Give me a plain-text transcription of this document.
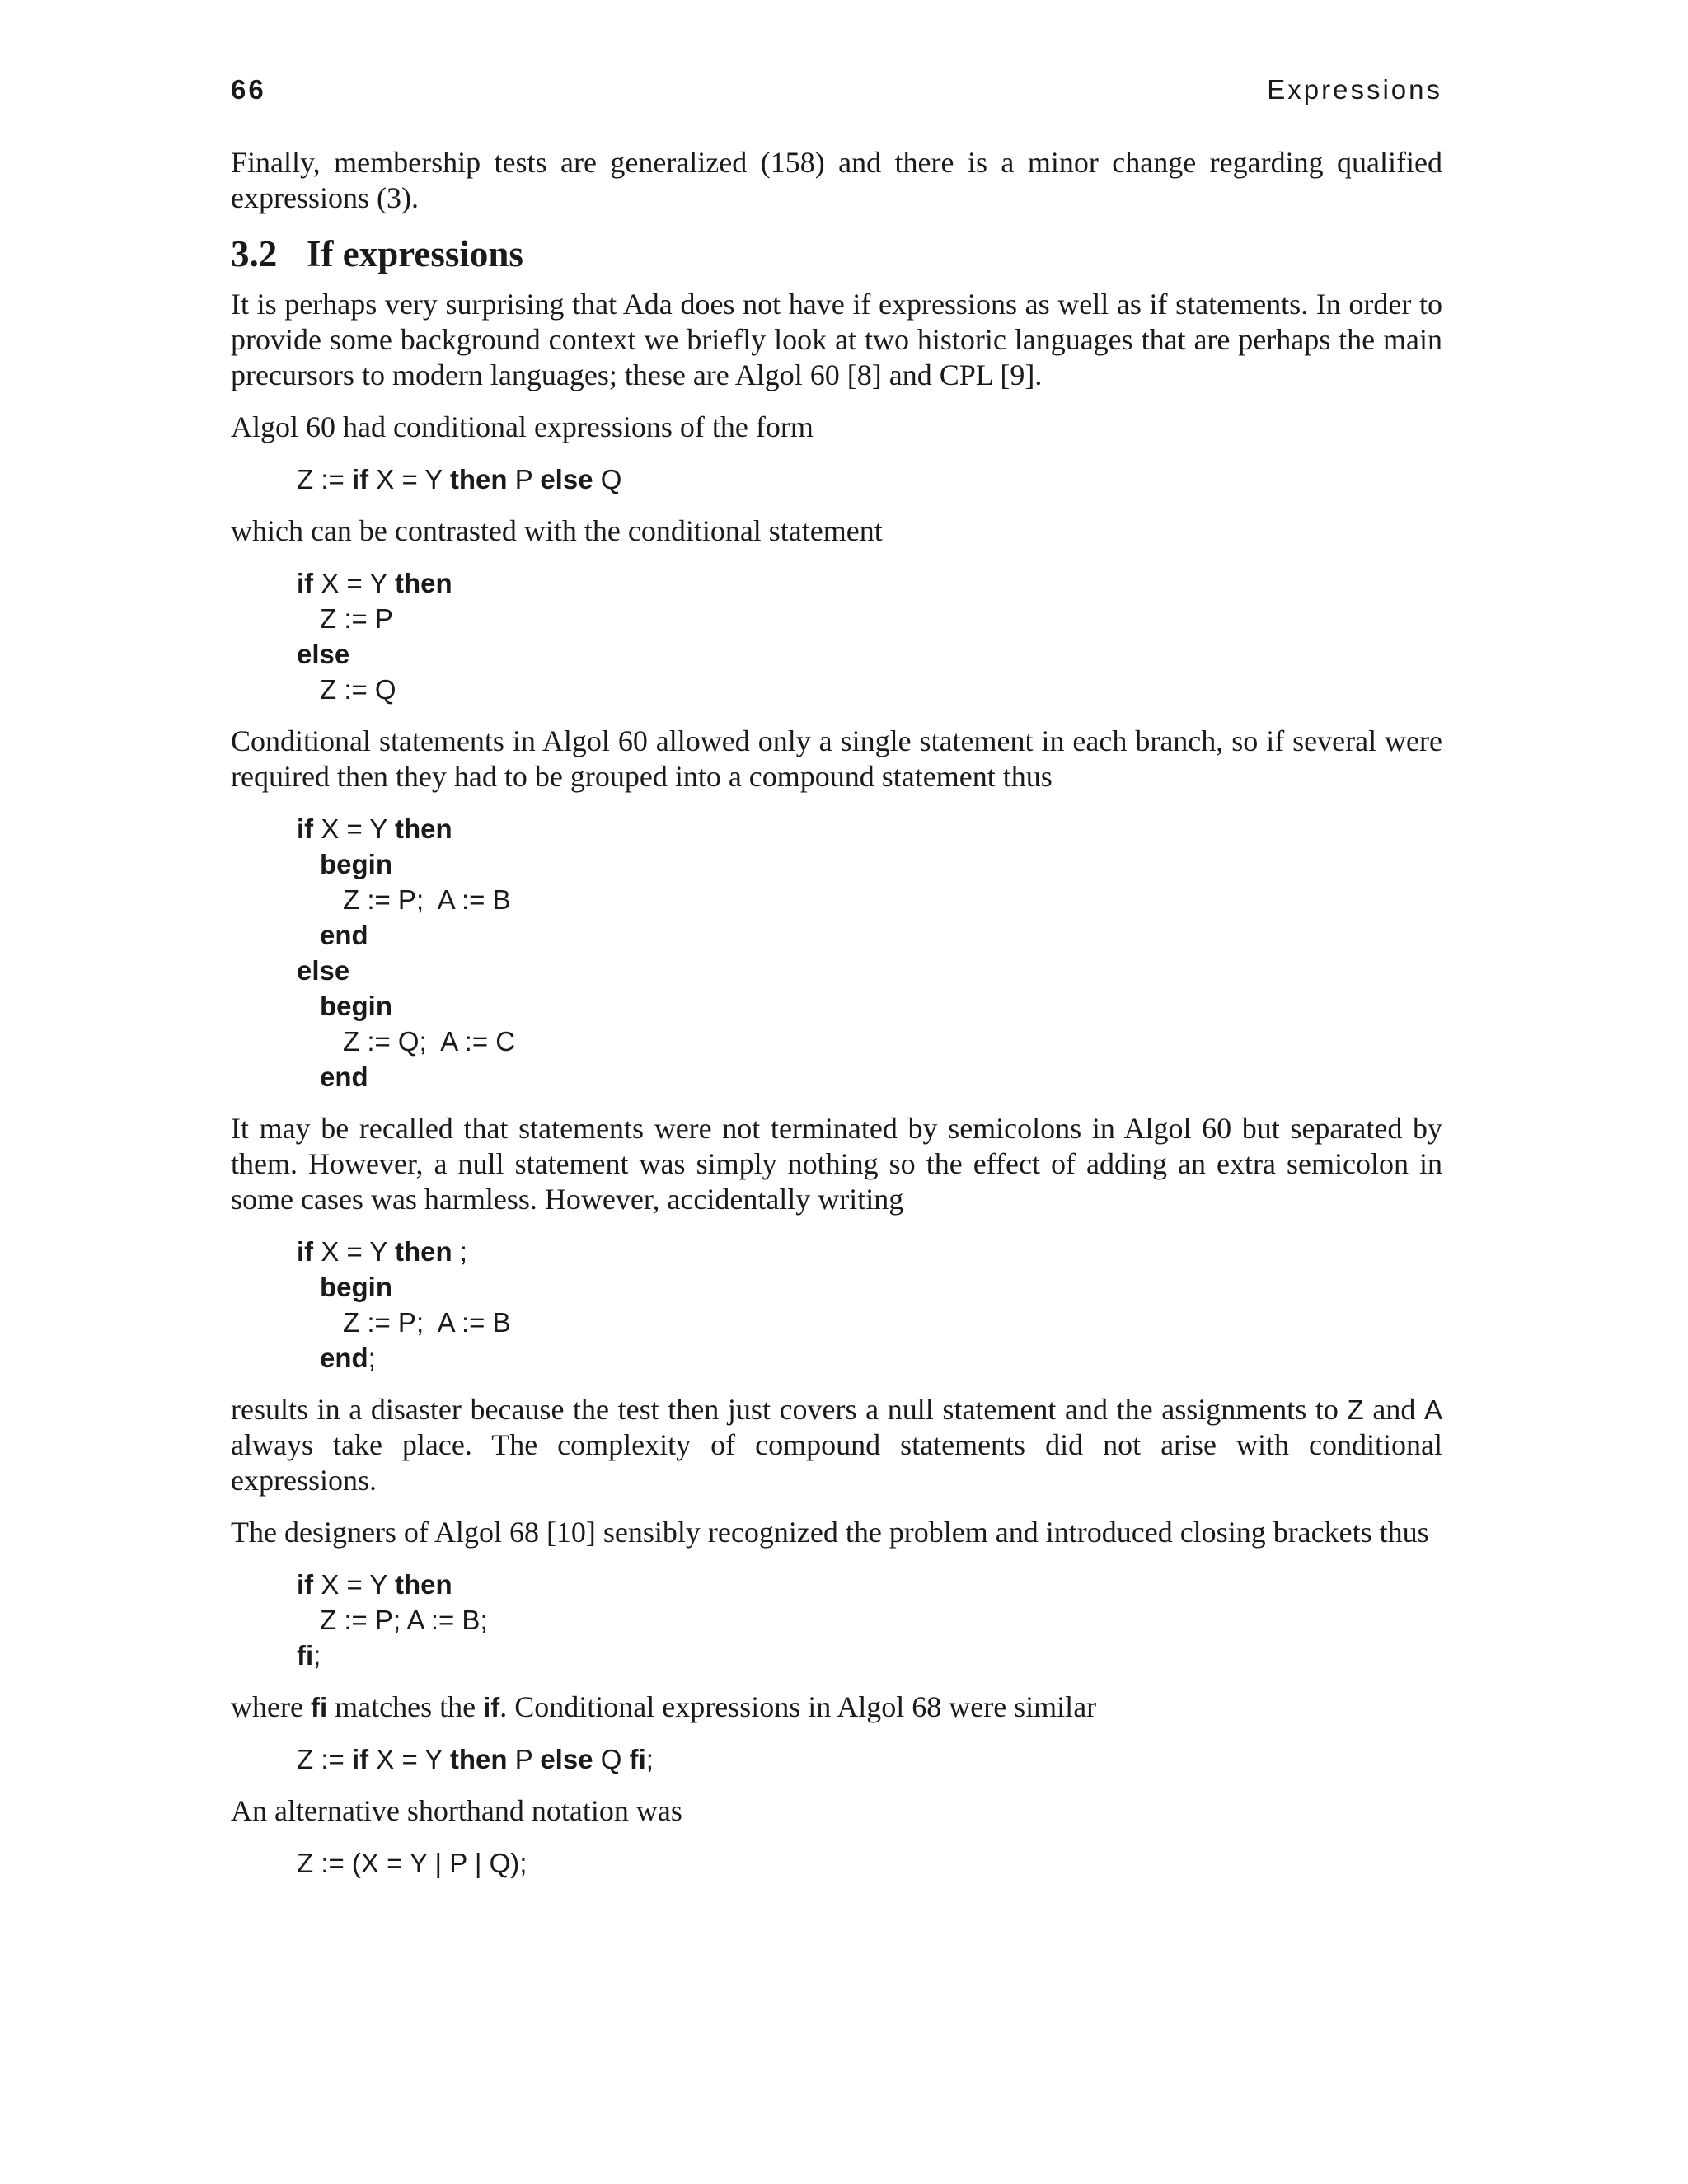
66	Expressions

Finally, membership tests are generalized (158) and there is a minor change regarding qualified expressions (3).

3.2 If expressions

It is perhaps very surprising that Ada does not have if expressions as well as if statements. In order to provide some background context we briefly look at two historic languages that are perhaps the main precursors to modern languages; these are Algol 60 [8] and CPL [9].

Algol 60 had conditional expressions of the form

Z := if X = Y then P else Q

which can be contrasted with the conditional statement

if X = Y then
Z := P
else
Z := Q

Conditional statements in Algol 60 allowed only a single statement in each branch, so if several were required then they had to be grouped into a compound statement thus

if X = Y then
begin
Z := P;  A := B
end
else
begin
Z := Q;  A := C
end

It may be recalled that statements were not terminated by semicolons in Algol 60 but separated by them. However, a null statement was simply nothing so the effect of adding an extra semicolon in some cases was harmless. However, accidentally writing

if X = Y then ;
begin
Z := P;  A := B
end;

results in a disaster because the test then just covers a null statement and the assignments to Z and A always take place. The complexity of compound statements did not arise with conditional expressions.

The designers of Algol 68 [10] sensibly recognized the problem and introduced closing brackets thus

if X = Y then
Z := P; A := B;
fi;

where fi matches the if. Conditional expressions in Algol 68 were similar

Z := if X = Y then P else Q fi;

An alternative shorthand notation was

Z := (X = Y | P | Q);
